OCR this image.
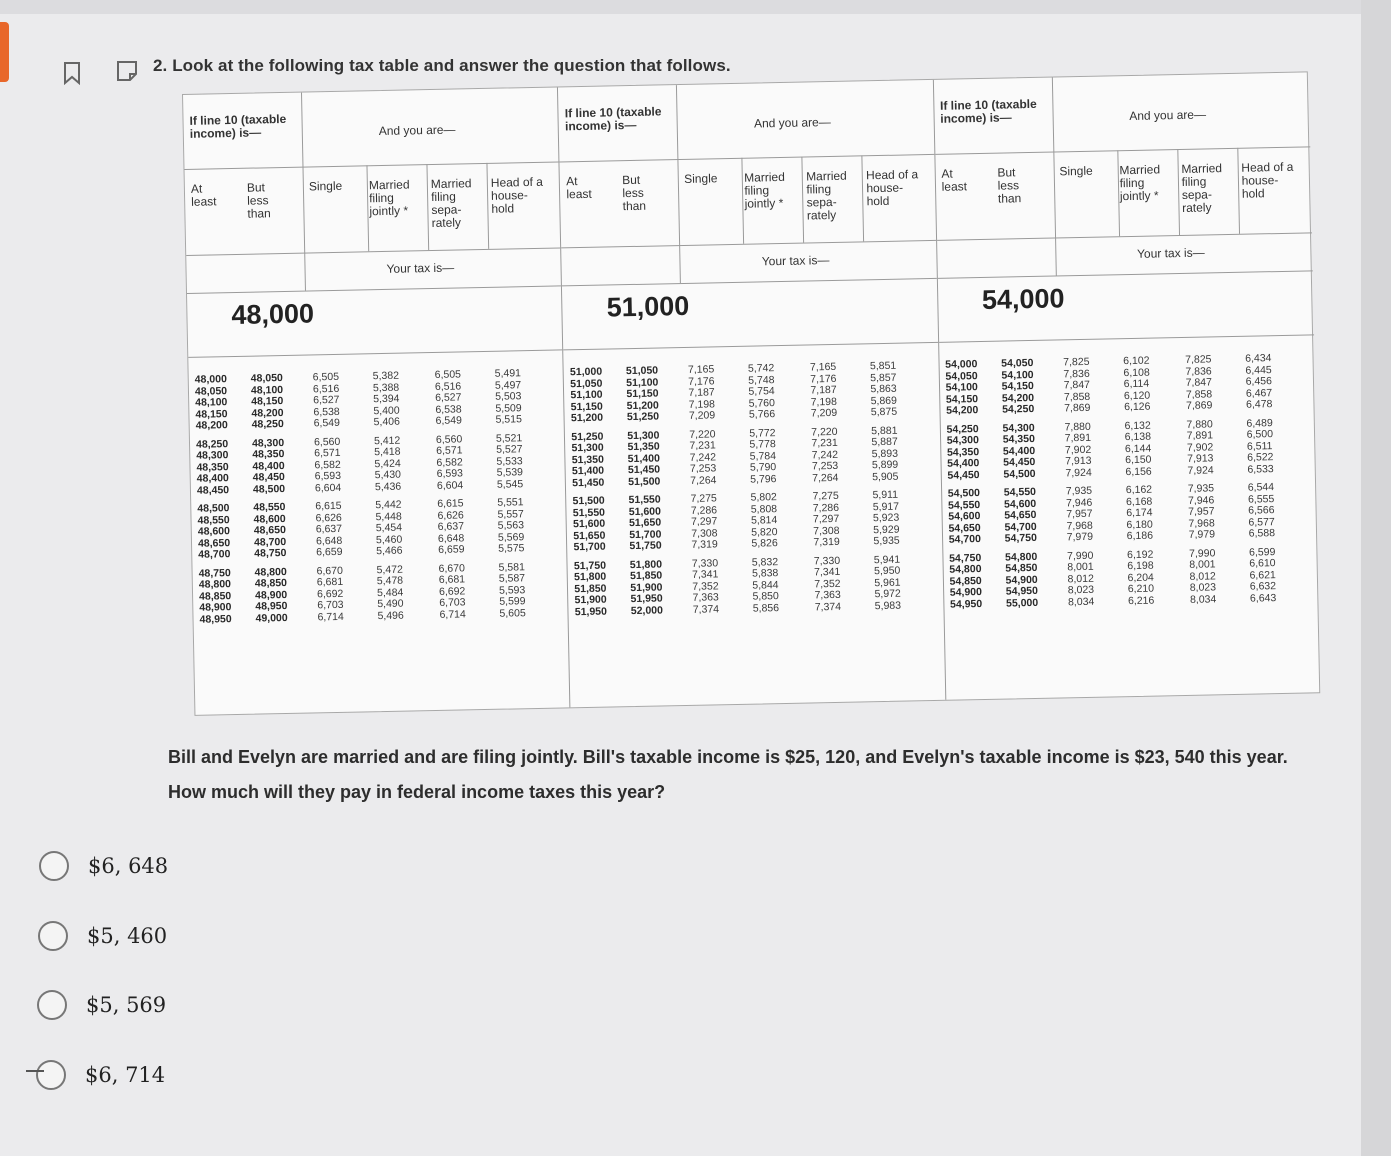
2. Look at the following tax table and answer the question that follows.
If line 10 (taxable income) is—	And you are—
At least
But less than
Single Married filing jointly *
Married filing sepa- rately
Head of a house- hold
Your tax is—
48,000
48,000 48,050	6,505	5,382	6,505	5,491
48,050 48,100	6,516	5,388	6,516	5,497
48,100 48,150	6,527	5,394	6,527	5,503
48,150 48,200	6,538	5,400	6,538	5,509
48,200 48,250	6,549	5,406	6,549	5,515
48,250 48,300	6,560	5,412	6,560	5,521
48,300 48,350	6,571	5,418	6,571	5,527
48,350 48,400	6,582	5,424	6,582	5,533
48,400 48,450	6,593	5,430	6,593	5,539
48,450 48,500	6,604	5,436	6,604	5,545
48,500 48,550	6,615	5,442	6,615	5,551
48,550 48,600	6,626	5,448	6,626	5,557
48,600 48,650	6,637	5,454	6,637	5,563
48,650 48,700	6,648	5,460	6,648	5,569
48,700 48,750	6,659	5,466	6,659	5,575
48,750 48,800	6,670	5,472	6,670	5,581
48,800 48,850	6,681	5,478	6,681	5,587
48,850 48,900	6,692	5,484	6,692	5,593
48,900 48,950	6,703	5,490	6,703	5,599
48,950 49,000	6,714	5,496	6,714	5,605
If line 10 (taxable income) is—	And you are—
At least
But less than
Single Married filing jointly *
Married filing sepa- rately
Head of a house- hold
Your tax is—
51,000
51,000 51,050	7,165	5,742	7,165	5,851
51,050 51,100	7,176	5,748	7,176	5,857
51,100 51,150	7,187	5,754	7,187	5,863
51,150 51,200	7,198	5,760	7,198	5,869
51,200 51,250	7,209	5,766	7,209	5,875
51,250 51,300	7,220	5,772	7,220	5,881
51,300 51,350	7,231	5,778	7,231	5,887
51,350 51,400	7,242	5,784	7,242	5,893
51,400 51,450	7,253	5,790	7,253	5,899
51,450 51,500	7,264	5,796	7,264	5,905
51,500 51,550	7,275	5,802	7,275	5,911
51,550 51,600	7,286	5,808	7,286	5,917
51,600 51,650	7,297	5,814	7,297	5,923
51,650 51,700	7,308	5,820	7,308	5,929
51,700 51,750	7,319	5,826	7,319	5,935
51,750 51,800	7,330	5,832	7,330	5,941
51,800 51,850	7,341	5,838	7,341	5,950
51,850 51,900	7,352	5,844	7,352	5,961
51,900 51,950	7,363	5,850	7,363	5,972
51,950 52,000	7,374	5,856	7,374	5,983
If line 10 (taxable income) is—	And you are—
At least
But less than
Single Married filing jointly *
Married filing sepa- rately
Head of a house- hold
Your tax is—
54,000
54,000 54,050	7,825	6,102	7,825	6,434
54,050 54,100	7,836	6,108	7,836	6,445
54,100 54,150	7,847	6,114	7,847	6,456
54,150 54,200	7,858	6,120	7,858	6,467
54,200 54,250	7,869	6,126	7,869	6,478
54,250 54,300	7,880	6,132	7,880	6,489
54,300 54,350	7,891	6,138	7,891	6,500
54,350 54,400	7,902	6,144	7,902	6,511
54,400 54,450	7,913	6,150	7,913	6,522
54,450 54,500	7,924	6,156	7,924	6,533
54,500 54,550	7,935	6,162	7,935	6,544
54,550 54,600	7,946	6,168	7,946	6,555
54,600 54,650	7,957	6,174	7,957	6,566
54,650 54,700	7,968	6,180	7,968	6,577
54,700 54,750	7,979	6,186	7,979	6,588
54,750 54,800	7,990	6,192	7,990	6,599
54,800 54,850	8,001	6,198	8,001	6,610
54,850 54,900	8,012	6,204	8,012	6,621
54,900 54,950	8,023	6,210	8,023	6,632
54,950 55,000	8,034	6,216	8,034	6,643
Bill and Evelyn are married and are filing jointly. Bill's taxable income is $25, 120, and Evelyn's taxable income is $23, 540 this year.
How much will they pay in federal income taxes this year?
$6, 648
$5, 460
$5, 569
$6, 714
